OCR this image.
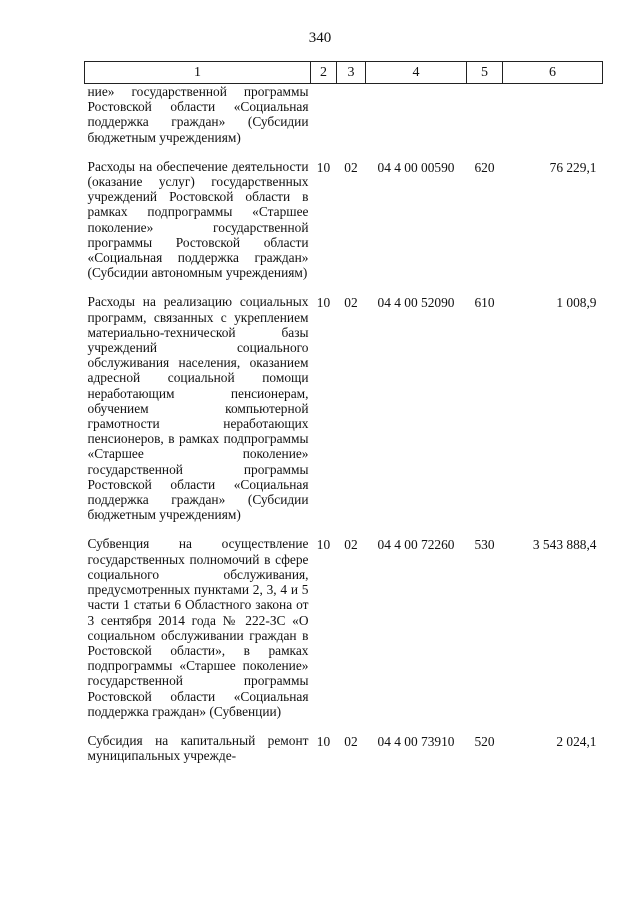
340
1	2	3	4	5	6
ние» государственной программы Ростовской области «Социальная поддержка граждан» (Субсидии бюджетным учреждениям)					

Расходы на обеспечение деятельности (оказание услуг) государственных учреждений Ростовской области в рамках подпрограммы «Старшее поколение» государственной программы Ростовской области «Социальная поддержка граждан» (Субсидии автономным учреждениям)	10	02	04 4 00 00590	620	76 229,1

Расходы на реализацию социальных программ, связанных с укреплением материально-технической базы учреждений социального обслуживания населения, оказанием адресной социальной помощи неработающим пенсионерам, обучением компьютерной грамотности неработающих пенсионеров, в рамках подпрограммы «Старшее поколение» государственной программы Ростовской области «Социальная поддержка граждан» (Субсидии бюджетным учреждениям)	10	02	04 4 00 52090	610	1 008,9

Субвенция на осуществление государственных полномочий в сфере социального обслуживания, предусмотренных пунктами 2, 3, 4 и 5 части 1 статьи 6 Областного закона от 3 сентября 2014 года № 222-ЗС «О социальном обслуживании граждан в Ростовской области», в рамках подпрограммы «Старшее поколение» государственной программы Ростовской области «Социальная поддержка граждан» (Субвенции)	10	02	04 4 00 72260	530	3 543 888,4

Субсидия на капитальный ремонт муниципальных учрежде-	10	02	04 4 00 73910	520	2 024,1
